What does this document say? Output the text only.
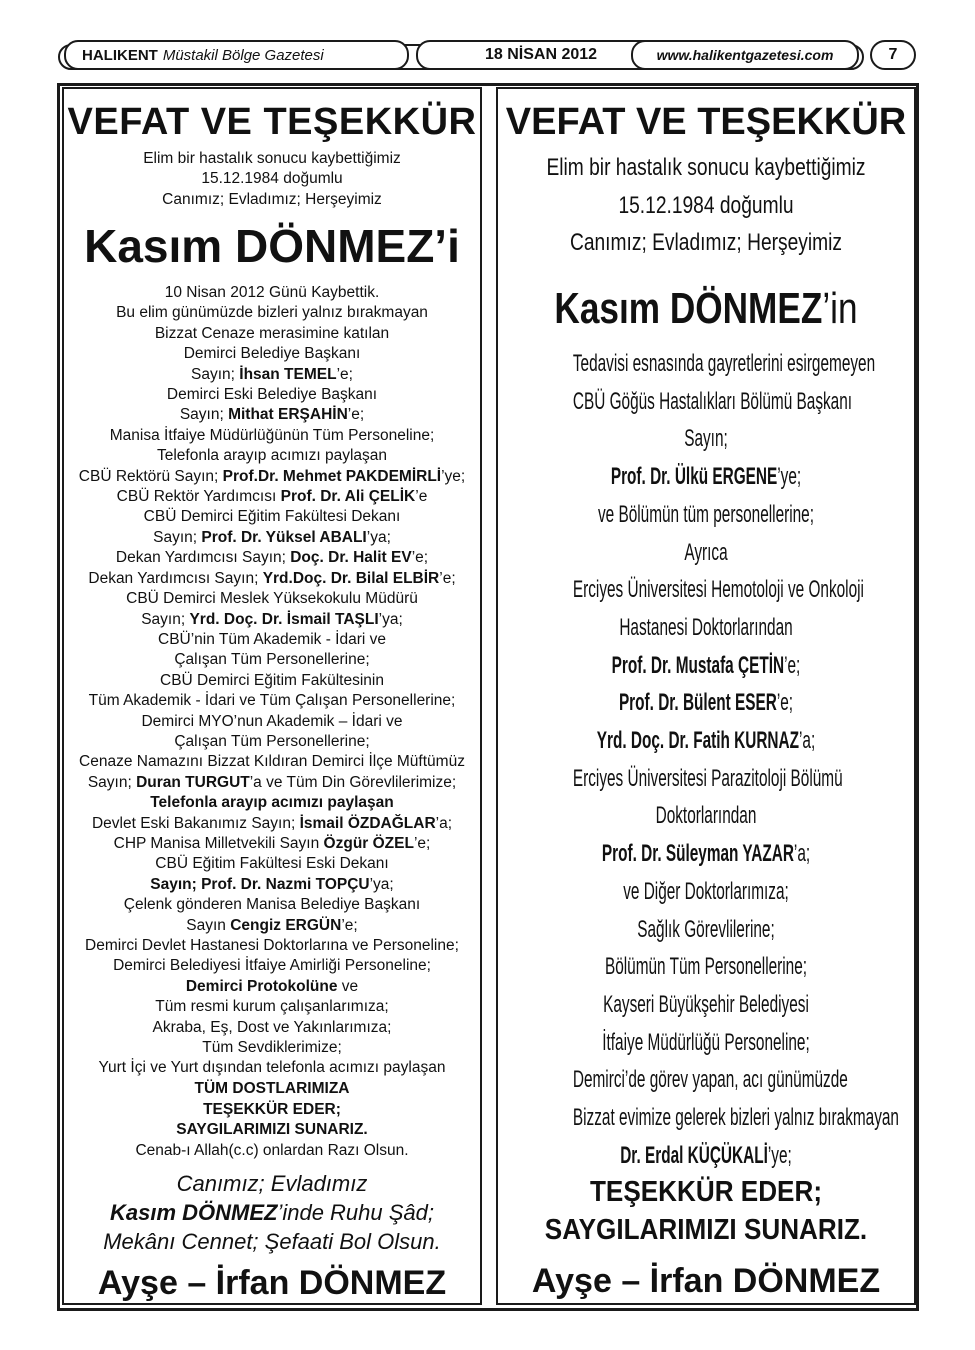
HALIKENT Müstakil Bölge Gazetesi	18 NİSAN 2012	www.halikentgazetesi.com	7
VEFAT VE TEŞEKKÜR
Elim bir hastalık sonucu kaybettiğimiz
15.12.1984 doğumlu
Canımız; Evladımız; Herşeyimiz
Kasım DÖNMEZ’i
10 Nisan 2012 Günü Kaybettik.
Bu elim günümüzde bizleri yalnız bırakmayan
Bizzat Cenaze merasimine katılan
Demirci Belediye Başkanı
Sayın; İhsan TEMEL’e;
Demirci Eski Belediye Başkanı
Sayın; Mithat ERŞAHİN’e;
Manisa İtfaiye Müdürlüğünün Tüm Personeline;
Telefonla arayıp acımızı paylaşan
CBÜ Rektörü Sayın; Prof.Dr. Mehmet PAKDEMİRLİ’ye;
CBÜ Rektör Yardımcısı Prof. Dr. Ali ÇELİK’e
CBÜ Demirci Eğitim Fakültesi Dekanı
Sayın; Prof. Dr. Yüksel ABALI’ya;
Dekan Yardımcısı Sayın; Doç. Dr. Halit EV’e;
Dekan Yardımcısı Sayın; Yrd.Doç. Dr. Bilal ELBİR’e;
CBÜ Demirci Meslek Yüksekokulu Müdürü
Sayın; Yrd. Doç. Dr. İsmail TAŞLI’ya;
CBÜ’nin Tüm Akademik - İdari ve
Çalışan Tüm Personellerine;
CBÜ Demirci Eğitim Fakültesinin
Tüm Akademik - İdari ve Tüm Çalışan Personellerine;
Demirci MYO’nun Akademik – İdari ve
Çalışan Tüm Personellerine;
Cenaze Namazını Bizzat Kıldıran Demirci İlçe Müftümüz
Sayın; Duran TURGUT’a ve Tüm Din Görevlilerimize;
Telefonla arayıp acımızı paylaşan
Devlet Eski Bakanımız Sayın; İsmail ÖZDAĞLAR’a;
CHP Manisa Milletvekili Sayın Özgür ÖZEL’e;
CBÜ Eğitim Fakültesi Eski Dekanı
Sayın; Prof. Dr. Nazmi TOPÇU’ya;
Çelenk gönderen Manisa Belediye Başkanı
Sayın Cengiz ERGÜN’e;
Demirci Devlet Hastanesi Doktorlarına ve Personeline;
Demirci Belediyesi İtfaiye Amirliği Personeline;
Demirci Protokolüne ve
Tüm resmi kurum çalışanlarımıza;
Akraba, Eş, Dost ve Yakınlarımıza;
Tüm Sevdiklerimize;
Yurt İçi ve Yurt dışından telefonla acımızı paylaşan
TÜM DOSTLARIMIZA
TEŞEKKÜR EDER;
SAYGILARIMIZI SUNARIZ.
Cenab-ı Allah(c.c) onlardan Razı Olsun.
Canımız; Evladımız
Kasım DÖNMEZ’inde Ruhu Şâd;
Mekânı Cennet; Şefaati Bol Olsun.
Ayşe – İrfan DÖNMEZ
VEFAT VE TEŞEKKÜR
Elim bir hastalık sonucu kaybettiğimiz
15.12.1984 doğumlu
Canımız; Evladımız; Herşeyimiz
Kasım DÖNMEZ’in
Tedavisi esnasında gayretlerini esirgemeyen
CBÜ Göğüs Hastalıkları Bölümü Başkanı
Sayın;
Prof. Dr. Ülkü ERGENE’ye;
ve Bölümün tüm personellerine;
Ayrıca
Erciyes Üniversitesi Hemotoloji ve Onkoloji
Hastanesi Doktorlarından
Prof. Dr. Mustafa ÇETİN’e;
Prof. Dr. Bülent ESER’e;
Yrd. Doç. Dr. Fatih KURNAZ’a;
Erciyes Üniversitesi Parazitoloji Bölümü
Doktorlarından
Prof. Dr. Süleyman YAZAR’a;
ve Diğer Doktorlarımıza;
Sağlık Görevlilerine;
Bölümün Tüm Personellerine;
Kayseri Büyükşehir Belediyesi
İtfaiye Müdürlüğü Personeline;
Demirci’de görev yapan, acı günümüzde
Bizzat evimize gelerek bizleri yalnız bırakmayan
Dr. Erdal KÜÇÜKALİ’ye;
TEŞEKKÜR EDER;
SAYGILARIMIZI SUNARIZ.
Ayşe – İrfan DÖNMEZ
